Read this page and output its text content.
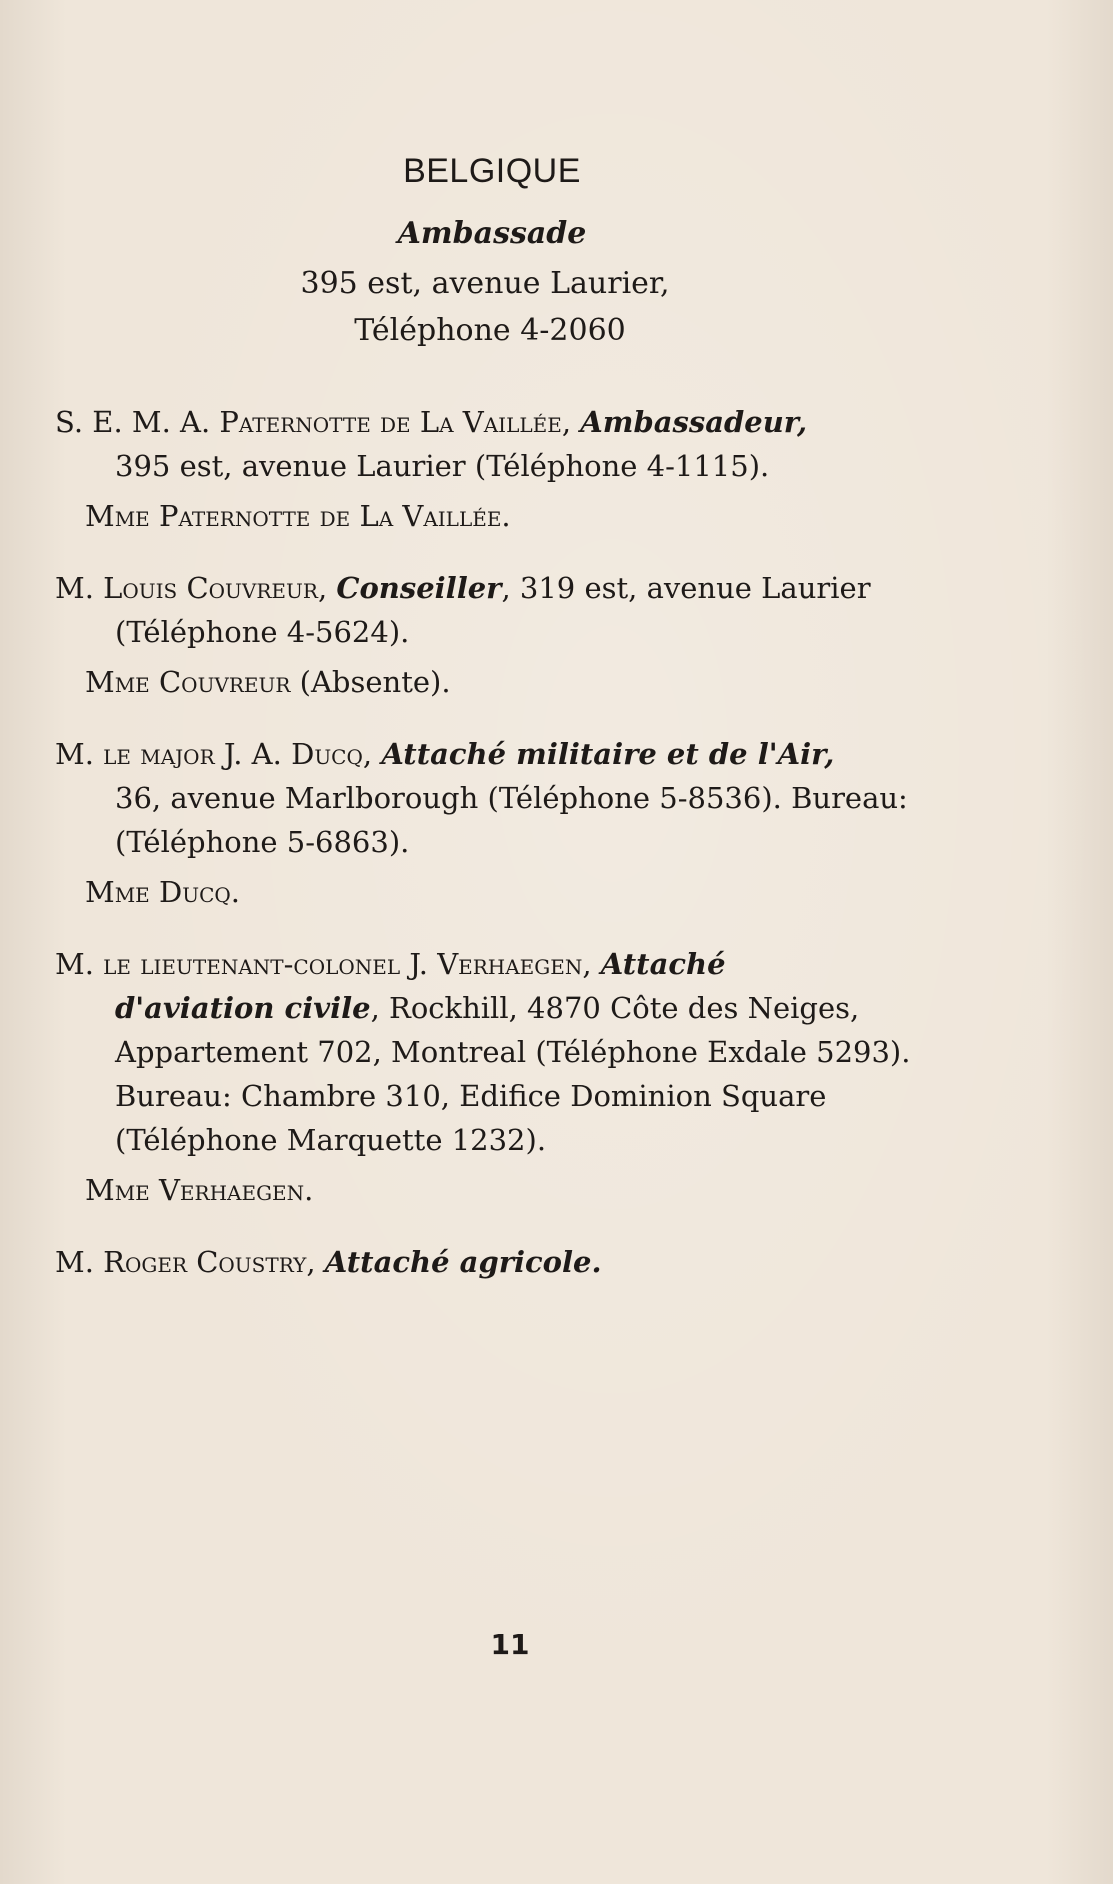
BELGIQUE
Ambassade
395 est, avenue Laurier,
Téléphone 4-2060
S. E. M. A. Paternotte de La Vaillée, Ambassadeur,
395 est, avenue Laurier (Téléphone 4-1115).
Mme Paternotte de La Vaillée.
M. Louis Couvreur, Conseiller, 319 est, avenue Laurier
(Téléphone 4-5624).
Mme Couvreur (Absente).
M. le major J. A. Ducq, Attaché militaire et de l'Air,
36, avenue Marlborough (Téléphone 5-8536). Bureau:
(Téléphone 5-6863).
Mme Ducq.
M. le lieutenant-colonel J. Verhaegen, Attaché
d'aviation civile, Rockhill, 4870 Côte des Neiges,
Appartement 702, Montreal (Téléphone Exdale 5293).
Bureau: Chambre 310, Edifice Dominion Square
(Téléphone Marquette 1232).
Mme Verhaegen.
M. Roger Coustry, Attaché agricole.
11
